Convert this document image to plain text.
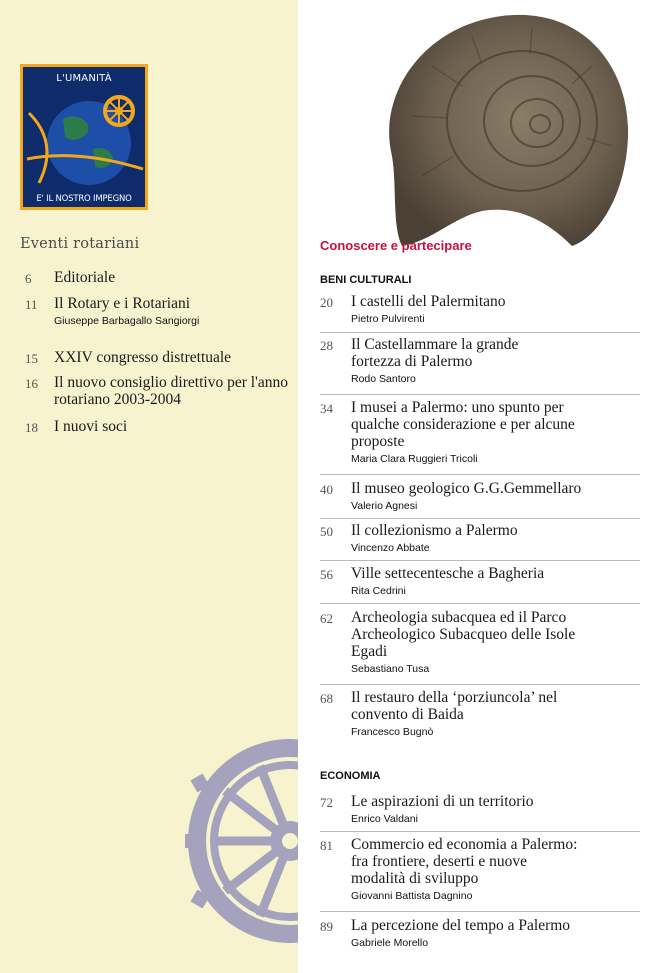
L'UMANITÀ
E' IL NOSTRO IMPEGNO
Eventi rotariani
6 Editoriale
11 Il Rotary e i Rotariani
Giuseppe Barbagallo Sangiorgi
15 XXIV congresso distrettuale
16 Il nuovo consiglio direttivo per l'anno rotariano 2003-2004
18 I nuovi soci
Conoscere e partecipare
BENI CULTURALI
20 I castelli del Palermitano
Pietro Pulvirenti
28 Il Castellammare la grande fortezza di Palermo
Rodo Santoro
34 I musei a Palermo: uno spunto per qualche considerazione e per alcune proposte
Maria Clara Ruggieri Tricoli
40 Il museo geologico G.G.Gemmellaro
Valerio Agnesi
50 Il collezionismo a Palermo
Vincenzo Abbate
56 Ville settecentesche a Bagheria
Rita Cedrini
62 Archeologia subacquea ed il Parco Archeologico Subacqueo delle Isole Egadi
Sebastiano Tusa
68 Il restauro della ‘porziuncola’ nel convento di Baida
Francesco Bugnò
ECONOMIA
72 Le aspirazioni di un territorio
Enrico Valdani
81 Commercio ed economia a Palermo: fra frontiere, deserti e nuove modalità di sviluppo
Giovanni Battista Dagnino
89 La percezione del tempo a Palermo
Gabriele Morello
